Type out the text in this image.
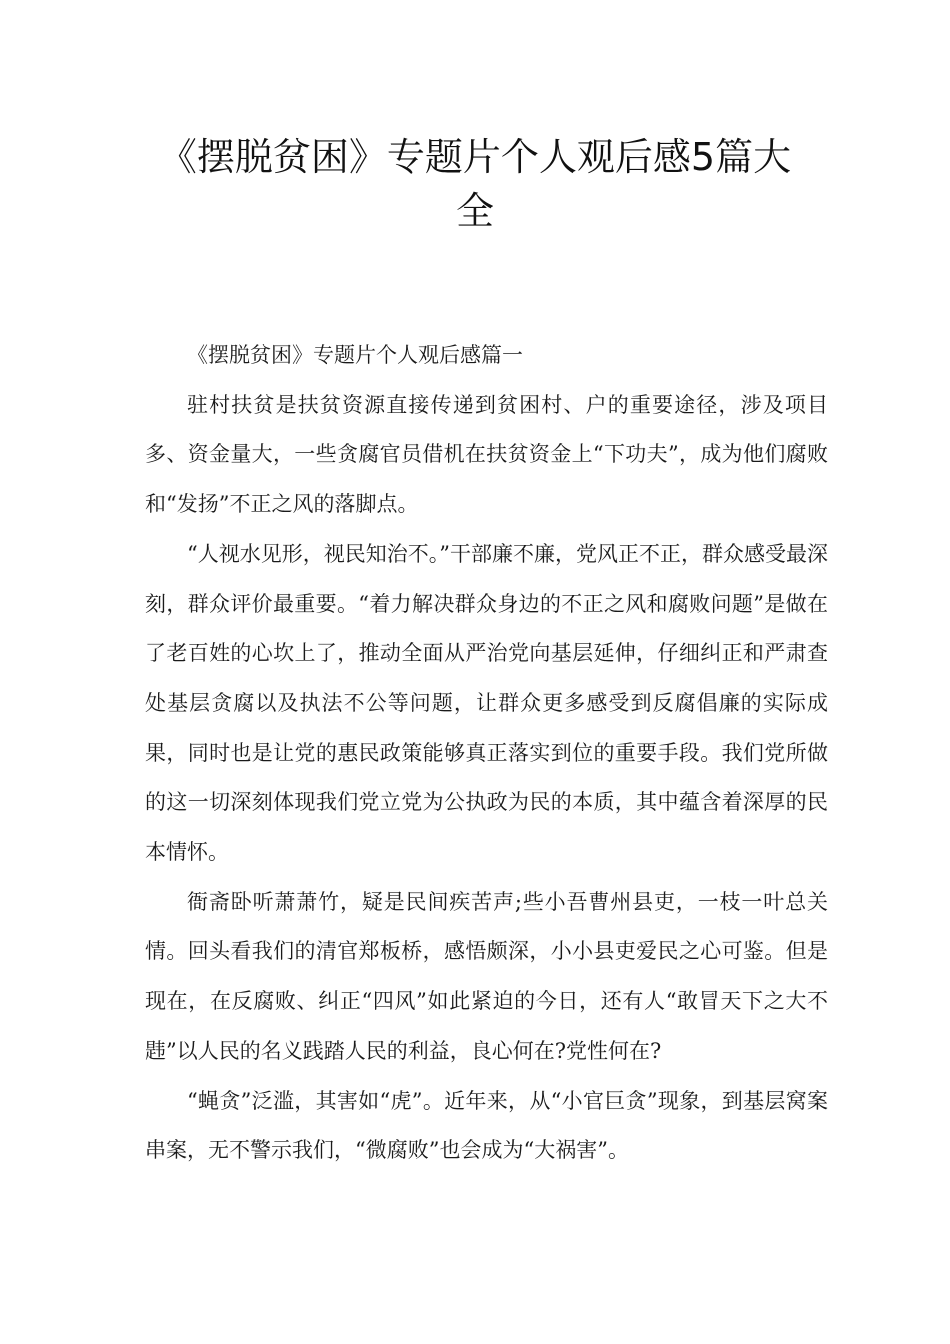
《摆脱贫困》专题片个人观后感5篇大全

《摆脱贫困》专题片个人观后感篇一

驻村扶贫是扶贫资源直接传递到贫困村、户的重要途径，涉及项目多、资金量大，一些贪腐官员借机在扶贫资金上“下功夫”，成为他们腐败和“发扬”不正之风的落脚点。

“人视水见形，视民知治不。”干部廉不廉，党风正不正，群众感受最深刻，群众评价最重要。“着力解决群众身边的不正之风和腐败问题”是做在了老百姓的心坎上了，推动全面从严治党向基层延伸，仔细纠正和严肃查处基层贪腐以及执法不公等问题，让群众更多感受到反腐倡廉的实际成果，同时也是让党的惠民政策能够真正落实到位的重要手段。我们党所做的这一切深刻体现我们党立党为公执政为民的本质，其中蕴含着深厚的民本情怀。

衙斋卧听萧萧竹，疑是民间疾苦声;些小吾曹州县吏，一枝一叶总关情。回头看我们的清官郑板桥，感悟颇深，小小县吏爱民之心可鉴。但是现在，在反腐败、纠正“四风”如此紧迫的今日，还有人“敢冒天下之大不韪”以人民的名义践踏人民的利益，良心何在?党性何在?

“蝇贪”泛滥，其害如“虎”。近年来，从“小官巨贪”现象，到基层窝案串案，无不警示我们，“微腐败”也会成为“大祸害”。
